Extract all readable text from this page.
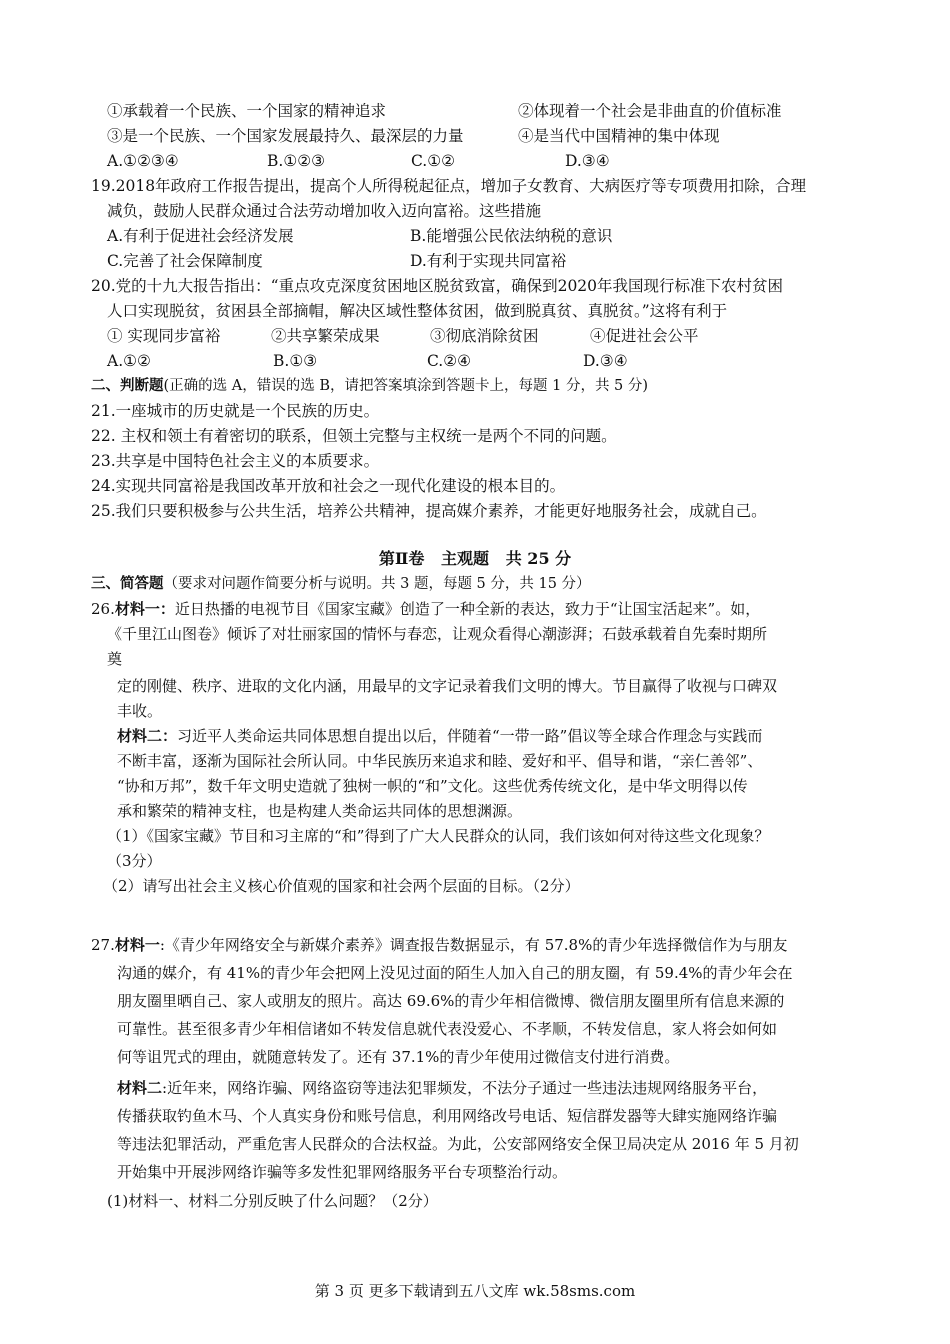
①承载着一个民族、一个国家的精神追求	②体现着一个社会是非曲直的价值标准
③是一个民族、一个国家发展最持久、最深层的力量	④是当代中国精神的集中体现
A.①②③④	B.①②③	C.①②	D.③④
19.2018年政府工作报告提出，提高个人所得税起征点，增加子女教育、大病医疗等专项费用扣除，合理
减负，鼓励人民群众通过合法劳动增加收入迈向富裕。这些措施
A.有利于促进社会经济发展	B.能增强公民依法纳税的意识
C.完善了社会保障制度	D.有利于实现共同富裕
20.党的十九大报告指出：“重点攻克深度贫困地区脱贫致富，确保到2020年我国现行标准下农村贫困
人口实现脱贫，贫困县全部摘帽，解决区域性整体贫困，做到脱真贫、真脱贫。”这将有利于
① 实现同步富裕	②共享繁荣成果	③彻底消除贫困	④促进社会公平
A.①②	B.①③	C.②④	D.③④
二、判断题(正确的选 A，错误的选 B，请把答案填涂到答题卡上，每题 1 分，共 5 分)
21.一座城市的历史就是一个民族的历史。
22. 主权和领土有着密切的联系，但领土完整与主权统一是两个不同的问题。
23.共享是中国特色社会主义的本质要求。
24.实现共同富裕是我国改革开放和社会之一现代化建设的根本目的。
25.我们只要积极参与公共生活，培养公共精神，提高媒介素养，才能更好地服务社会，成就自己。
第Ⅱ卷   主观题   共 25 分
三、简答题（要求对问题作简要分析与说明。共 3 题，每题 5 分，共 15 分）
26.材料一：近日热播的电视节目《国家宝藏》创造了一种全新的表达，致力于“让国宝活起来”。如，
《千里江山图卷》倾诉了对壮丽家国的情怀与春恋，让观众看得心潮澎湃；石鼓承载着自先秦时期所
奠
定的刚健、秩序、进取的文化内涵，用最早的文字记录着我们文明的博大。节目赢得了收视与口碑双
丰收。
材料二：习近平人类命运共同体思想自提出以后，伴随着“一带一路”倡议等全球合作理念与实践而
不断丰富，逐渐为国际社会所认同。中华民族历来追求和睦、爱好和平、倡导和谐，“亲仁善邻”、
“协和万邦”，数千年文明史造就了独树一帜的“和”文化。这些优秀传统文化，是中华文明得以传
承和繁荣的精神支柱，也是构建人类命运共同体的思想渊源。
（1）《国家宝藏》节目和习主席的“和”得到了广大人民群众的认同，我们该如何对待这些文化现象？
（3分）
（2）请写出社会主义核心价值观的国家和社会两个层面的目标。（2分）
27.材料一:《青少年网络安全与新媒介素养》调查报告数据显示，有 57.8%的青少年选择微信作为与朋友
沟通的媒介，有 41%的青少年会把网上没见过面的陌生人加入自己的朋友圈，有 59.4%的青少年会在
朋友圈里晒自己、家人或朋友的照片。高达 69.6%的青少年相信微博、微信朋友圈里所有信息来源的
可靠性。甚至很多青少年相信诸如不转发信息就代表没爱心、不孝顺，不转发信息，家人将会如何如
何等诅咒式的理由，就随意转发了。还有 37.1%的青少年使用过微信支付进行消费。
材料二:近年来，网络诈骗、网络盗窃等违法犯罪频发，不法分子通过一些违法违规网络服务平台，
传播获取钓鱼木马、个人真实身份和账号信息，利用网络改号电话、短信群发器等大肆实施网络诈骗
等违法犯罪活动，严重危害人民群众的合法权益。为此，公安部网络安全保卫局决定从 2016 年 5 月初
开始集中开展涉网络诈骗等多发性犯罪网络服务平台专项整治行动。
(1)材料一、材料二分别反映了什么问题？（2分）
第 3 页 更多下载请到五八文库 wk.58sms.com
